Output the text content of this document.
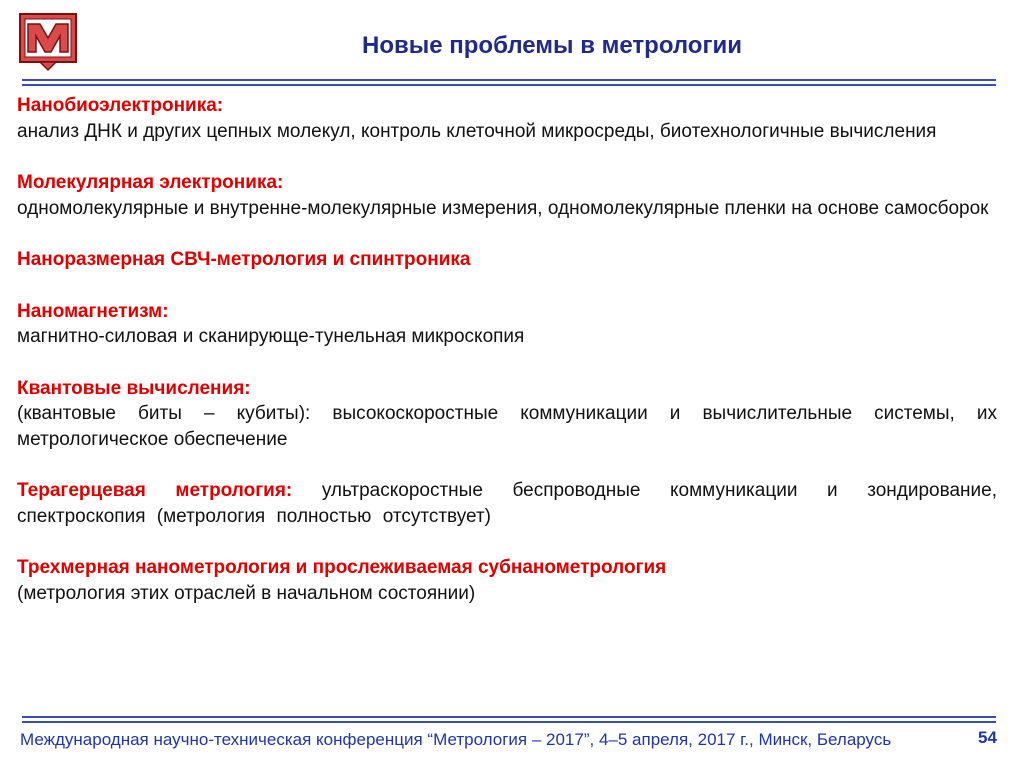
Новые проблемы в метрологии
Нанобиоэлектроника:
анализ ДНК и других цепных молекул, контроль клеточной микросреды, биотехнологичные вычисления
Молекулярная электроника:
одномолекулярные и внутренне-молекулярные измерения, одномолекулярные пленки на основе самосборок
Наноразмерная СВЧ-метрология и спинтроника
Наномагнетизм:
магнитно-силовая и сканирующе-тунельная микроскопия
Квантовые вычисления:
(квантовые биты – кубиты): высокоскоростные коммуникации и вычислительные системы, их метрологическое обеспечение
Терагерцевая метрология: ультраскоростные беспроводные коммуникации и зондирование, спектроскопия (метрология полностью отсутствует)
Трехмерная нанометрология и прослеживаемая субнанометрология
(метрология этих отраслей в начальном состоянии)
Международная научно-техническая конференция “Метрология – 2017”, 4–5 апреля, 2017 г., Минск, Беларусь	54
